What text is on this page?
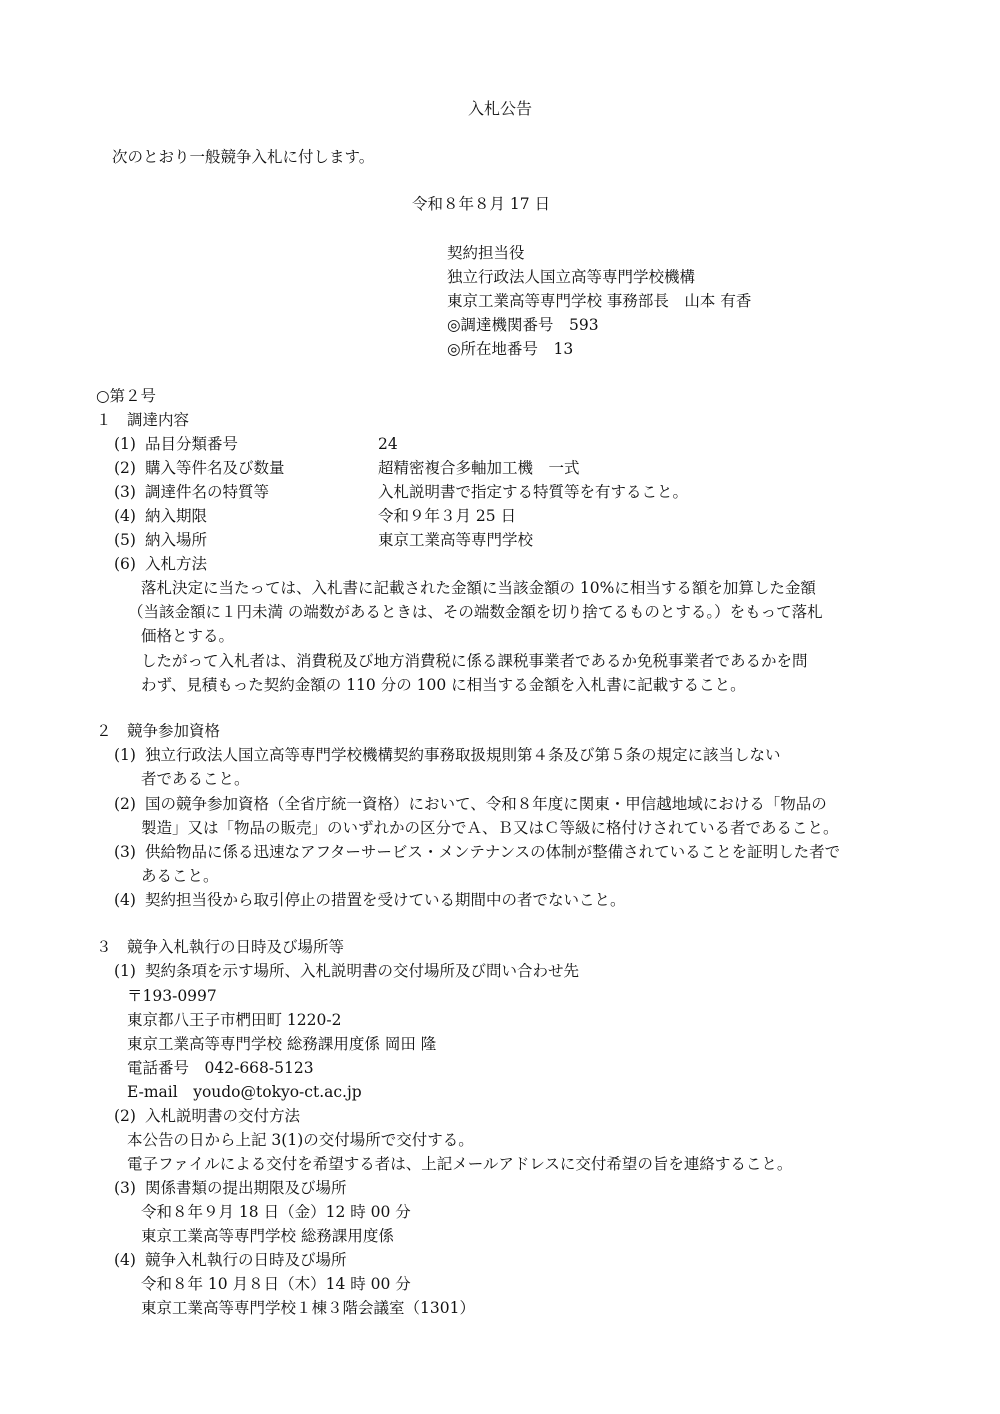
入札公告
次のとおり一般競争入札に付します。
令和８年８月 17 日
契約担当役
独立行政法人国立高等専門学校機構
東京工業高等専門学校 事務部長　山本 有香
◎調達機関番号　593
◎所在地番号　13
○第２号
１　調達内容
(1) 品目分類番号	24
(2) 購入等件名及び数量	超精密複合多軸加工機　一式
(3) 調達件名の特質等	入札説明書で指定する特質等を有すること。
(4) 納入期限	令和９年３月 25 日
(5) 納入場所	東京工業高等専門学校
(6) 入札方法
落札決定に当たっては、入札書に記載された金額に当該金額の 10%に相当する額を加算した金額
（当該金額に１円未満 の端数があるときは、その端数金額を切り捨てるものとする。）をもって落札
価格とする。
したがって入札者は、消費税及び地方消費税に係る課税事業者であるか免税事業者であるかを問
わず、見積もった契約金額の 110 分の 100 に相当する金額を入札書に記載すること。
２　競争参加資格
(1) 独立行政法人国立高等専門学校機構契約事務取扱規則第４条及び第５条の規定に該当しない
者であること。
(2) 国の競争参加資格（全省庁統一資格）において、令和８年度に関東・甲信越地域における「物品の
製造」又は「物品の販売」のいずれかの区分でＡ、Ｂ又はＣ等級に格付けされている者であること。
(3) 供給物品に係る迅速なアフターサービス・メンテナンスの体制が整備されていることを証明した者で
あること。
(4) 契約担当役から取引停止の措置を受けている期間中の者でないこと。
３　競争入札執行の日時及び場所等
(1) 契約条項を示す場所、入札説明書の交付場所及び問い合わせ先
〒193-0997
東京都八王子市椚田町 1220-2
東京工業高等専門学校 総務課用度係 岡田 隆
電話番号　042-668-5123
E-mail　youdo@tokyo-ct.ac.jp
(2) 入札説明書の交付方法
本公告の日から上記 3(1)の交付場所で交付する。
電子ファイルによる交付を希望する者は、上記メールアドレスに交付希望の旨を連絡すること。
(3) 関係書類の提出期限及び場所
令和８年９月 18 日（金）12 時 00 分
東京工業高等専門学校 総務課用度係
(4) 競争入札執行の日時及び場所
令和８年 10 月８日（木）14 時 00 分
東京工業高等専門学校１棟３階会議室（1301）
